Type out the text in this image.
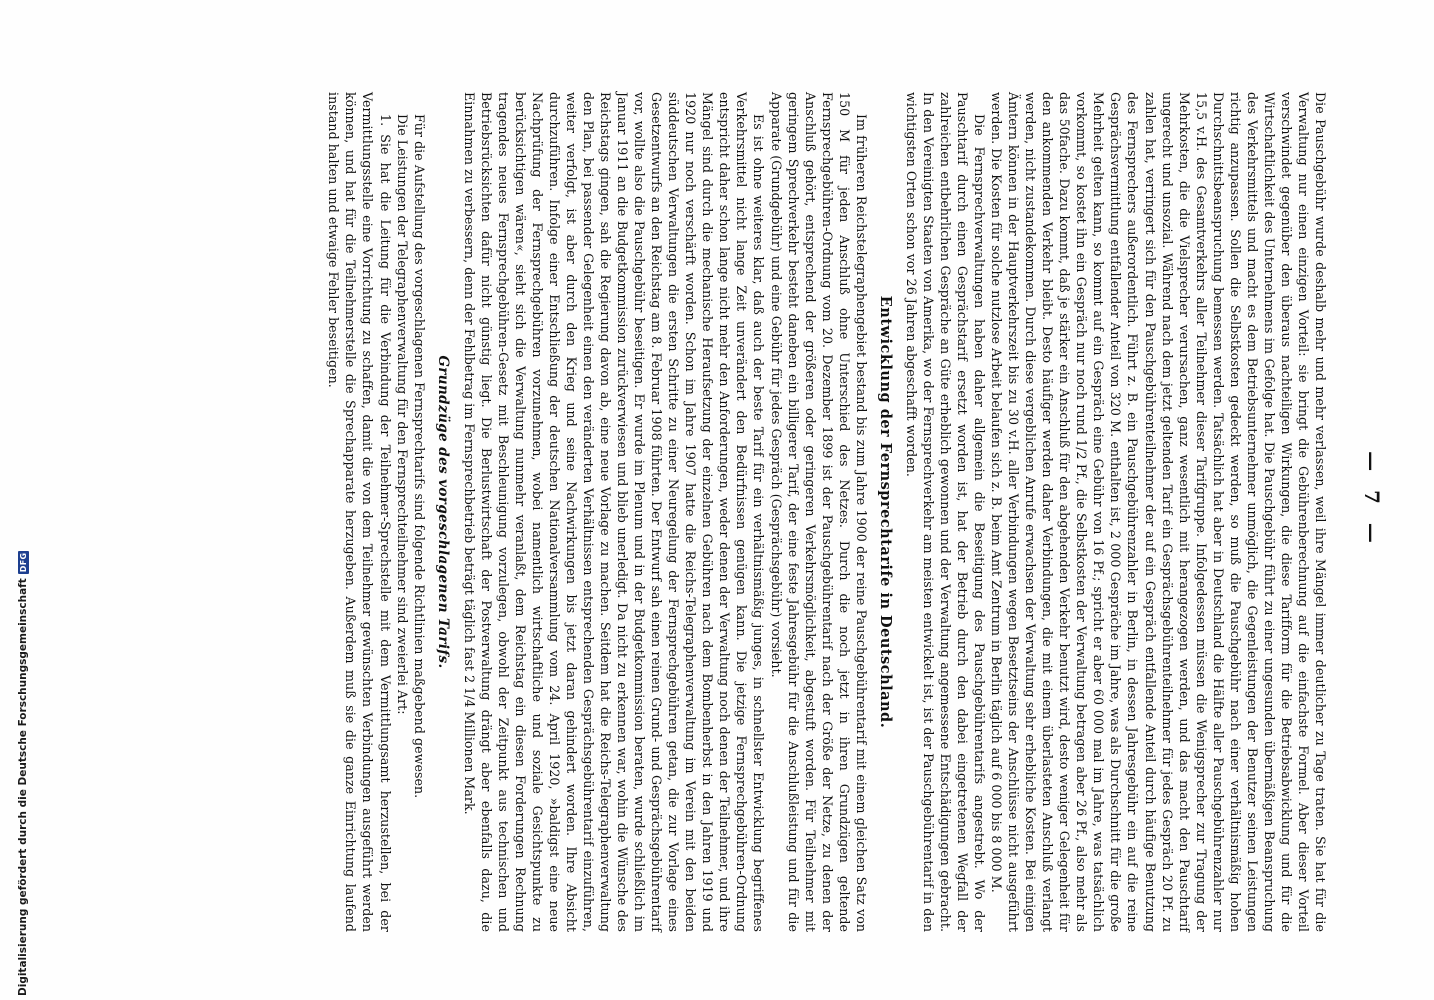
— 7 —

Die Pauschgebühr wurde deshalb mehr und mehr verlassen, weil ihre Mängel immer deutlicher zu Tage traten. Sie hat für die Verwaltung nur einen einzigen Vorteil: sie bringt die Gebührenberechnung auf die einfachste Formel. Aber dieser Vorteil verschwindet gegenüber den überaus nachteiligen Wirkungen, die diese Tarifform für die Betriebsabwicklung und für die Wirtschaftlichkeit des Unternehmens im Gefolge hat. Die Pauschgebühr führt zu einer ungesunden übermäßigen Beanspruchung des Verkehrsmittels und macht es dem Betriebsunternehmer unmöglich, die Gegenleistungen der Benutzer seinen Leistungen richtig anzupassen. Sollen die Selbstkosten gedeckt werden, so muß die Pauschgebühr nach einer verhältnismäßig hohen Durchschnittsbeanspruchung bemessen werden. Tatsächlich hat aber in Deutschland die Hälfte aller Pauschgebührenzahler nur 15,5 v.H. des Gesamtverkehrs aller Teilnehmer dieser Tarifgruppe. Infolgedessen müssen die Wenigsprecher zur Tragung der Mehrkosten, die die Vielsprecher verursachen, ganz wesentlich mit herangezogen werden, und das macht den Pauschtarif ungerecht und unsozial. Während nach dem jetzt geltenden Tarif ein Gesprächsgebührenteilnehmer für jedes Gespräch 20 Pf. zu zahlen hat, verringert sich für den Pauschgebührenteilnehmer der auf ein Gespräch entfallende Anteil durch häufige Benutzung des Fernsprechers außerordentlich. Führt z. B. ein Pauschgebührenzahler in Berlin, in dessen Jahresgebühr ein auf die reine Gesprächsvermittlung entfallender Anteil von 320 M. enthalten ist, 2 000 Gespräche im Jahre, was als Durchschnitt für die große Mehrheit gelten kann, so kommt auf ein Gespräch eine Gebühr von 16 Pf.; spricht er aber 60 000 mal im Jahre, was tatsächlich vorkommt, so kostet ihn ein Gespräch nur noch rund 1/2 Pf., die Selbstkosten der Verwaltung betragen aber 26 Pf., also mehr als das 50fache. Dazu kommt, daß je stärker ein Anschluß für den abgehenden Verkehr benutzt wird, desto weniger Gelegenheit für den ankommenden Verkehr bleibt. Desto häufiger werden daher Verbindungen, die mit einem überlasteten Anschluß verlangt werden, nicht zustandekommen. Durch diese vergeblichen Anrufe erwachsen der Verwaltung sehr erhebliche Kosten. Bei einigen Ämtern können in der Hauptverkehrszeit bis zu 30 v.H. aller Verbindungen wegen Besetztseins der Anschlüsse nicht ausgeführt werden. Die Kosten für solche nutzlose Arbeit belaufen sich z. B. beim Amt Zentrum in Berlin täglich auf 6 000 bis 8 000 M.

Die Fernsprechverwaltungen haben daher allgemein die Beseitigung des Pauschgebührentarifs angestrebt. Wo der Pauschtarif durch einen Gesprächstarif ersetzt worden ist, hat der Betrieb durch den dabei eingetretenen Wegfall der zahlreichen entbehrlichen Gespräche an Güte erheblich gewonnen und der Verwaltung angemessene Entschädigungen gebracht. In den Vereinigten Staaten von Amerika, wo der Fernsprechverkehr am meisten entwickelt ist, ist der Pauschgebührentarif in den wichtigsten Orten schon vor 26 Jahren abgeschafft worden.

Entwicklung der Fernsprechtarife in Deutschland.

Im früheren Reichstelegraphengebiet bestand bis zum Jahre 1900 der reine Pauschgebührentarif mit einem gleichen Satz von 150 M für jeden Anschluß ohne Unterschied des Netzes. Durch die noch jetzt in ihren Grundzügen geltende Fernsprechgebühren-Ordnung vom 20. Dezember 1899 ist der Pauschgebührentarif nach der Größe der Netze, zu denen der Anschluß gehört, entsprechend der größeren oder geringeren Verkehrsmöglichkeit, abgestuft worden. Für Teilnehmer mit geringem Sprechverkehr besteht daneben ein billigerer Tarif, der eine feste Jahresgebühr für die Anschlußleistung und für die Apparate (Grundgebühr) und eine Gebühr für jedes Gespräch (Gesprächsgebühr) vorsieht.

Es ist ohne weiteres klar, daß auch der beste Tarif für ein verhältnismäßig junges, in schnellster Entwicklung begriffenes Verkehrsmittel nicht lange Zeit unverändert den Bedürfnissen genügen kann. Die jetzige Fernsprechgebühren-Ordnung entspricht daher schon lange nicht mehr den Anforderungen, weder denen der Verwaltung noch denen der Teilnehmer, und ihre Mängel sind durch die mechanische Heraufsetzung der einzelnen Gebühren nach dem Bombenherbst in den Jahren 1919 und 1920 nur noch verschärft worden. Schon im Jahre 1907 hatte die Reichs-Telegraphenverwaltung im Verein mit den beiden süddeutschen Verwaltungen die ersten Schritte zu einer Neuregelung der Fernsprechgebühren getan, die zur Vorlage eines Gesetzentwurfs an den Reichstag am 8. Februar 1908 führten. Der Entwurf sah einen reinen Grund- und Gesprächsgebührentarif vor, wollte also die Pauschgebühr beseitigen. Er wurde im Plenum und in der Budgetkommission beraten, wurde schließlich im Januar 1911 an die Budgetkommission zurückverwiesen und blieb unerledigt. Da nicht zu erkennen war, wohin die Wünsche des Reichstags gingen, sah die Regierung davon ab, eine neue Vorlage zu machen. Seitdem hat die Reichs-Telegraphenverwaltung den Plan, bei passender Gelegenheit einen den veränderten Verhältnissen entsprechenden Gesprächsgebührentarif einzuführen, weiter verfolgt, ist aber durch den Krieg und seine Nachwirkungen bis jetzt daran gehindert worden. Ihre Absicht durchzuführen. Infolge einer Entschließung der deutschen Nationalversammlung vom 24. April 1920, »baldigst eine neue Nachprüfung der Fernsprechgebühren vorzunehmen, wobei namentlich wirtschaftliche und soziale Gesichtspunkte zu berücksichtigen wären«, sieht sich die Verwaltung nunmehr veranlaßt, dem Reichstag ein diesen Forderungen Rechnung tragendes neues Fernsprechgebühren-Gesetz mit Beschleunigung vorzulegen, obwohl der Zeitpunkt aus technischen und Betriebsrücksichten dafür nicht günstig liegt. Die Berlustwirtschaft der Postverwaltung drängt aber ebenfalls dazu, die Einnahmen zu verbessern, denn der Fehlbetrag im Fernsprechbetrieb beträgt täglich fast 2 1/4 Millionen Mark.

Grundzüge des vorgeschlagenen Tarifs.

Für die Aufstellung des vorgeschlagenen Fernsprechtarifs sind folgende Richtlinien maßgebend gewesen.

Die Leistungen der Telegraphenverwaltung für den Fernsprechteilnehmer sind zweierlei Art:

1. Sie hat die Leitung für die Verbindung der Teilnehmer-Sprechstelle mit dem Vermittlungsamt herzustellen, bei der Vermittlungsstelle eine Vorrichtung zu schaffen, damit die von dem Teilnehmer gewünschten Verbindungen ausgeführt werden können, und hat für die Teilnehmerstelle die Sprechapparate herzugeben. Außerdem muß sie die ganze Einrichtung laufend instand halten und etwaige Fehler beseitigen.

Digitalisierung gefördert durch die Deutsche Forschungsgemeinschaft
DFG
